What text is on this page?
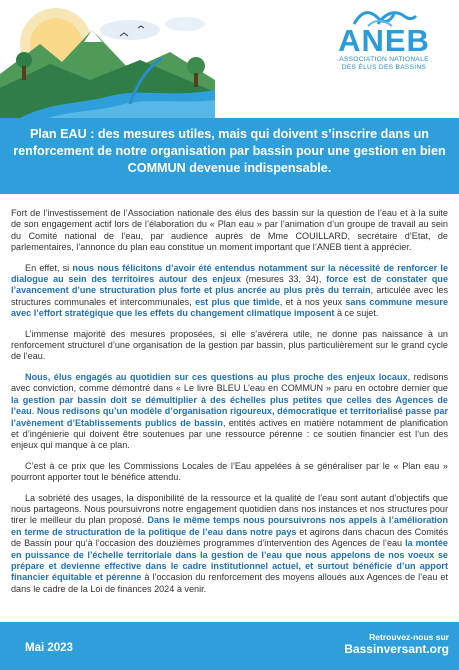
ANEB
ASSOCIATION NATIONALE
DES ÉLUS DES BASSINS
Plan EAU : des mesures utiles, mais qui doivent s’inscrire dans un renforcement de notre organisation par bassin pour une gestion en bien COMMUN devenue indispensable.

Fort de l’investissement de l’Association nationale des élus des bassin sur la question de l’eau et à la suite de son engagement actif lors de l’élaboration du « Plan eau » par l’animation d’un groupe de travail au sein du Comité national de l’eau, par audience auprès de Mme COUILLARD, secrétaire d’Etat, de parlementaires, l’annonce du plan eau constitue un moment important que l’ANEB tient à apprécier.

En effet, si nous nous félicitons d’avoir été entendus notamment sur la nécessité de renforcer le dialogue au sein des territoires autour des enjeux (mesures 33, 34), force est de constater que l’avancement d’une structuration plus forte et plus ancrée au plus près du terrain, articulée avec les structures communales et intercommunales, est plus que timide, et à nos yeux sans commune mesure avec l’effort stratégique que les effets du changement climatique imposent à ce sujet.

L’immense majorité des mesures proposées, si elle s’avérera utile, ne donne pas naissance à un renforcement structurel d’une organisation de la gestion par bassin, plus particulièrement sur le grand cycle de l’eau.

Nous, élus engagés au quotidien sur ces questions au plus proche des enjeux locaux, redisons avec conviction, comme démontré dans « Le livre BLEU L’eau en COMMUN » paru en octobre dernier que la gestion par bassin doit se démultiplier à des échelles plus petites que celles des Agences de l’eau. Nous redisons qu’un modèle d’organisation rigoureux, démocratique et territorialisé passe par l’avènement d’Etablissements publics de bassin, entités actives en matière notamment de planification et d’ingénierie qui doivent être soutenues par une ressource pérenne : ce soutien financier est l’un des enjeux qui manque à ce plan.

C’est à ce prix que les Commissions Locales de l’Eau appelées à se généraliser par le « Plan eau » pourront apporter tout le bénéfice attendu.

La sobriété des usages, la disponibilité de la ressource et la qualité de l’eau sont autant d’objectifs que nous partageons. Nous poursuivrons notre engagement quotidien dans nos instances et nos structures pour tirer le meilleur du plan proposé. Dans le même temps nous poursuivrons nos appels à l’amélioration en terme de structuration de la politique de l’eau dans notre pays et agirons dans chacun des Comités de Bassin pour qu’à l’occasion des douzièmes programmes d’intervention des Agences de l’eau la montée en puissance de l’échelle territoriale dans la gestion de l’eau que nous appelons de nos voeux se prépare et devienne effective dans le cadre institutionnel actuel, et surtout bénéficie d’un apport financier équitable et pérenne à l’occasion du renforcement des moyens alloués aux Agences de l’eau et dans le cadre de la Loi de finances 2024 à venir.

Mai 2023
Retrouvez-nous sur
Bassinversant.org
